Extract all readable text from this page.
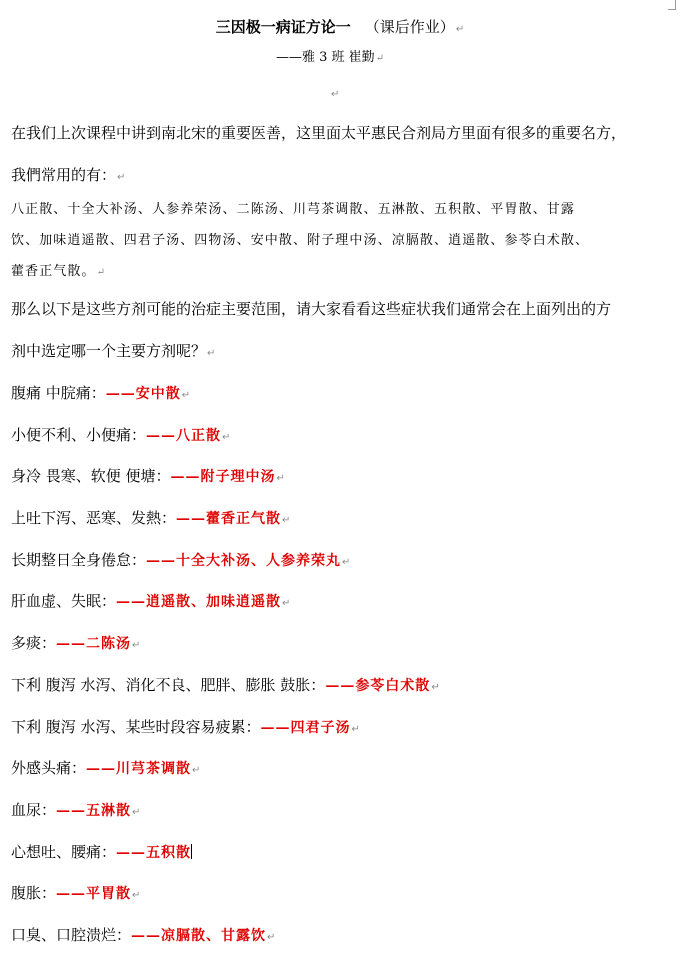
三因极一病证方论一 （课后作业）↵
——雅 3 班 崔勤↵
↵
在我们上次课程中讲到南北宋的重要医善，这里面太平惠民合剂局方里面有很多的重要名方，
我們常用的有：↵
八正散、十全大补汤、人参养荣汤、二陈汤、川芎茶调散、五淋散、五积散、平胃散、甘露
饮、加味逍遥散、四君子汤、四物汤、安中散、附子理中汤、凉膈散、逍遥散、参苓白术散、
藿香正气散。↵
那么以下是这些方剂可能的治症主要范围，请大家看看这些症状我们通常会在上面列出的方
剂中选定哪一个主要方剂呢？↵
腹痛 中脘痛：——安中散↵
小便不利、小便痛：——八正散↵
身冷 畏寒、软便 便塘：——附子理中汤↵
上吐下泻、恶寒、发熱：——藿香正气散↵
长期整日全身倦怠：——十全大补汤、人参养荣丸↵
肝血虚、失眠：——逍遥散、加味逍遥散↵
多痰：——二陈汤↵
下利 腹泻 水泻、消化不良、肥胖、膨胀 鼓胀：——参苓白术散↵
下利 腹泻 水泻、某些时段容易疲累：——四君子汤↵
外感头痛：——川芎茶调散↵
血尿：——五淋散↵
心想吐、腰痛：——五积散
腹胀：——平胃散↵
口臭、口腔溃烂：——凉膈散、甘露饮↵
